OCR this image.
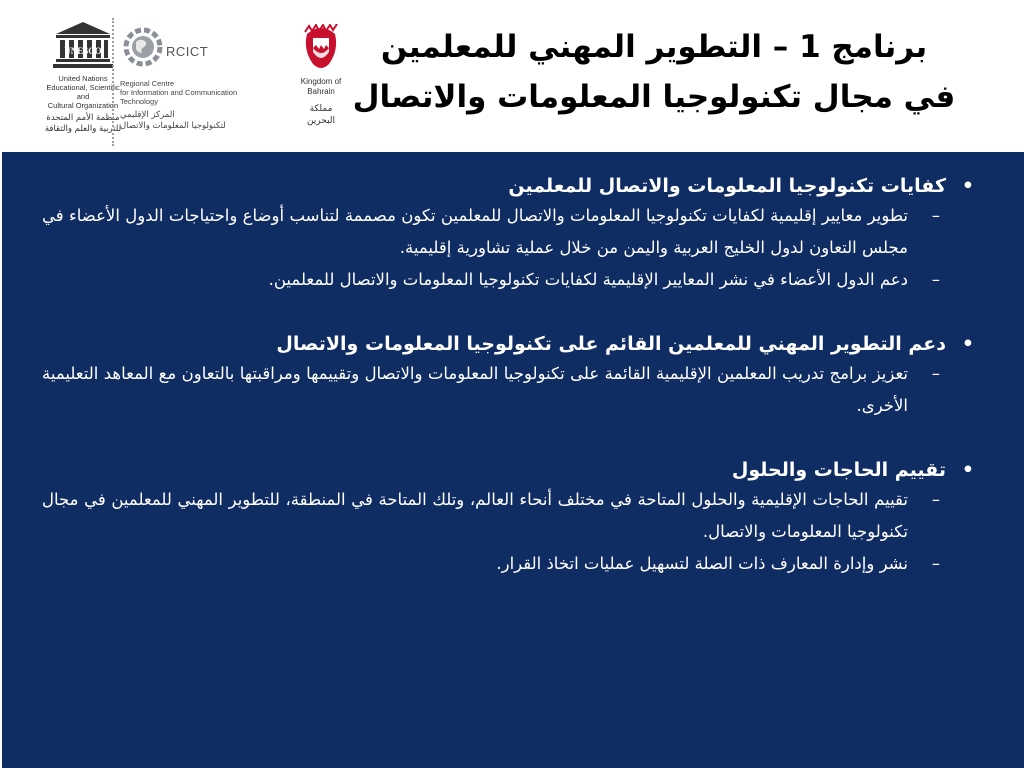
UNESCO
United Nations
Educational, Scientific and
Cultural Organization
منظمة الأمم المتحدة
للتربية والعلم والثقافة
RCICT
Regional Centre
for Information and Communication
Technology
المركز الإقليمي
لتكنولوجيا المعلومات والاتصال
Kingdom of
Bahrain
مملكة
البحرين
برنامج 1 – التطوير المهني للمعلمين
في مجال تكنولوجيا المعلومات والاتصال
•
كفايات تكنولوجيا المعلومات والاتصال للمعلمين
–
تطوير معايير إقليمية لكفايات تكنولوجيا المعلومات والاتصال للمعلمين تكون مصممة لتناسب أوضاع واحتياجات الدول الأعضاء في مجلس التعاون لدول الخليج العربية واليمن من خلال عملية تشاورية إقليمية.
–
دعم الدول الأعضاء في نشر المعايير الإقليمية لكفايات تكنولوجيا المعلومات والاتصال للمعلمين.
•
دعم التطوير المهني للمعلمين القائم على تكنولوجيا المعلومات والاتصال
–
تعزيز برامج تدريب المعلمين الإقليمية القائمة على تكنولوجيا المعلومات والاتصال وتقييمها ومراقبتها بالتعاون مع المعاهد التعليمية الأخرى.
•
تقييم الحاجات والحلول
–
تقييم الحاجات الإقليمية والحلول المتاحة في مختلف أنحاء العالم، وتلك المتاحة في المنطقة، للتطوير المهني للمعلمين في مجال تكنولوجيا المعلومات والاتصال.
–
نشر وإدارة المعارف ذات الصلة لتسهيل عمليات اتخاذ القرار.
